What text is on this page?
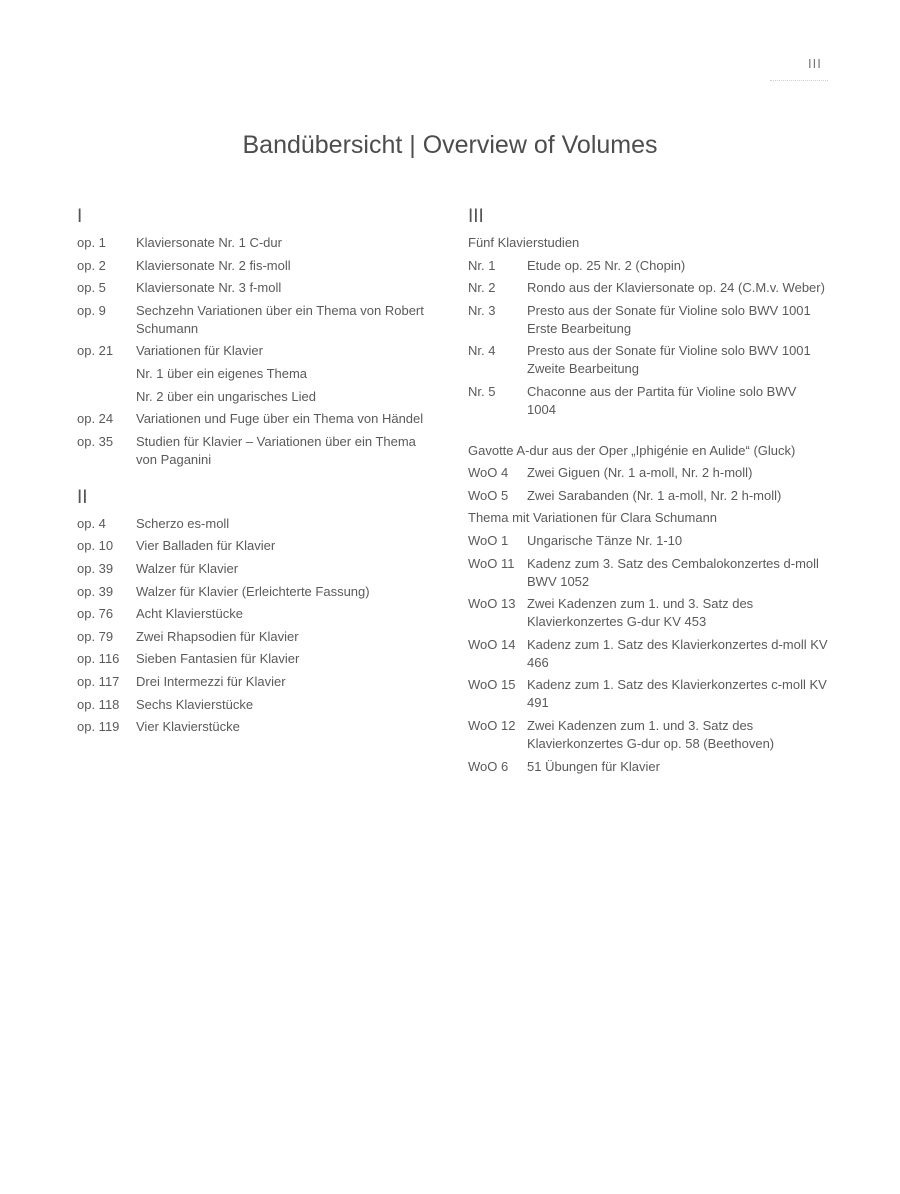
III
Bandübersicht | Overview of Volumes
I
op. 1	Klaviersonate Nr. 1 C-dur
op. 2	Klaviersonate Nr. 2 fis-moll
op. 5	Klaviersonate Nr. 3 f-moll
op. 9	Sechzehn Variationen über ein Thema von Robert Schumann
op. 21	Variationen für Klavier
Nr. 1 über ein eigenes Thema
Nr. 2 über ein ungarisches Lied
op. 24	Variationen und Fuge über ein Thema von Händel
op. 35	Studien für Klavier – Variationen über ein Thema von Paganini
II
op. 4	Scherzo es-moll
op. 10	Vier Balladen für Klavier
op. 39	Walzer für Klavier
op. 39	Walzer für Klavier (Erleichterte Fassung)
op. 76	Acht Klavierstücke
op. 79	Zwei Rhapsodien für Klavier
op. 116	Sieben Fantasien für Klavier
op. 117	Drei Intermezzi für Klavier
op. 118	Sechs Klavierstücke
op. 119	Vier Klavierstücke
III
Fünf Klavierstudien
Nr. 1	Etude op. 25 Nr. 2 (Chopin)
Nr. 2	Rondo aus der Klaviersonate op. 24 (C.M.v. Weber)
Nr. 3	Presto aus der Sonate für Violine solo BWV 1001 Erste Bearbeitung
Nr. 4	Presto aus der Sonate für Violine solo BWV 1001 Zweite Bearbeitung
Nr. 5	Chaconne aus der Partita für Violine solo BWV 1004
Gavotte A-dur aus der Oper „Iphigénie en Aulide“ (Gluck)
WoO 4	Zwei Giguen (Nr. 1 a-moll, Nr. 2 h-moll)
WoO 5	Zwei Sarabanden (Nr. 1 a-moll, Nr. 2 h-moll)
Thema mit Variationen für Clara Schumann
WoO 1	Ungarische Tänze Nr. 1-10
WoO 11 Kadenz zum 3. Satz des Cembalokonzertes d-moll BWV 1052
WoO 13 Zwei Kadenzen zum 1. und 3. Satz des Klavierkonzertes G-dur KV 453
WoO 14 Kadenz zum 1. Satz des Klavierkonzertes d-moll KV 466
WoO 15 Kadenz zum 1. Satz des Klavierkonzertes c-moll KV 491
WoO 12 Zwei Kadenzen zum 1. und 3. Satz des Klavierkonzertes G-dur op. 58 (Beethoven)
WoO 6	51 Übungen für Klavier
